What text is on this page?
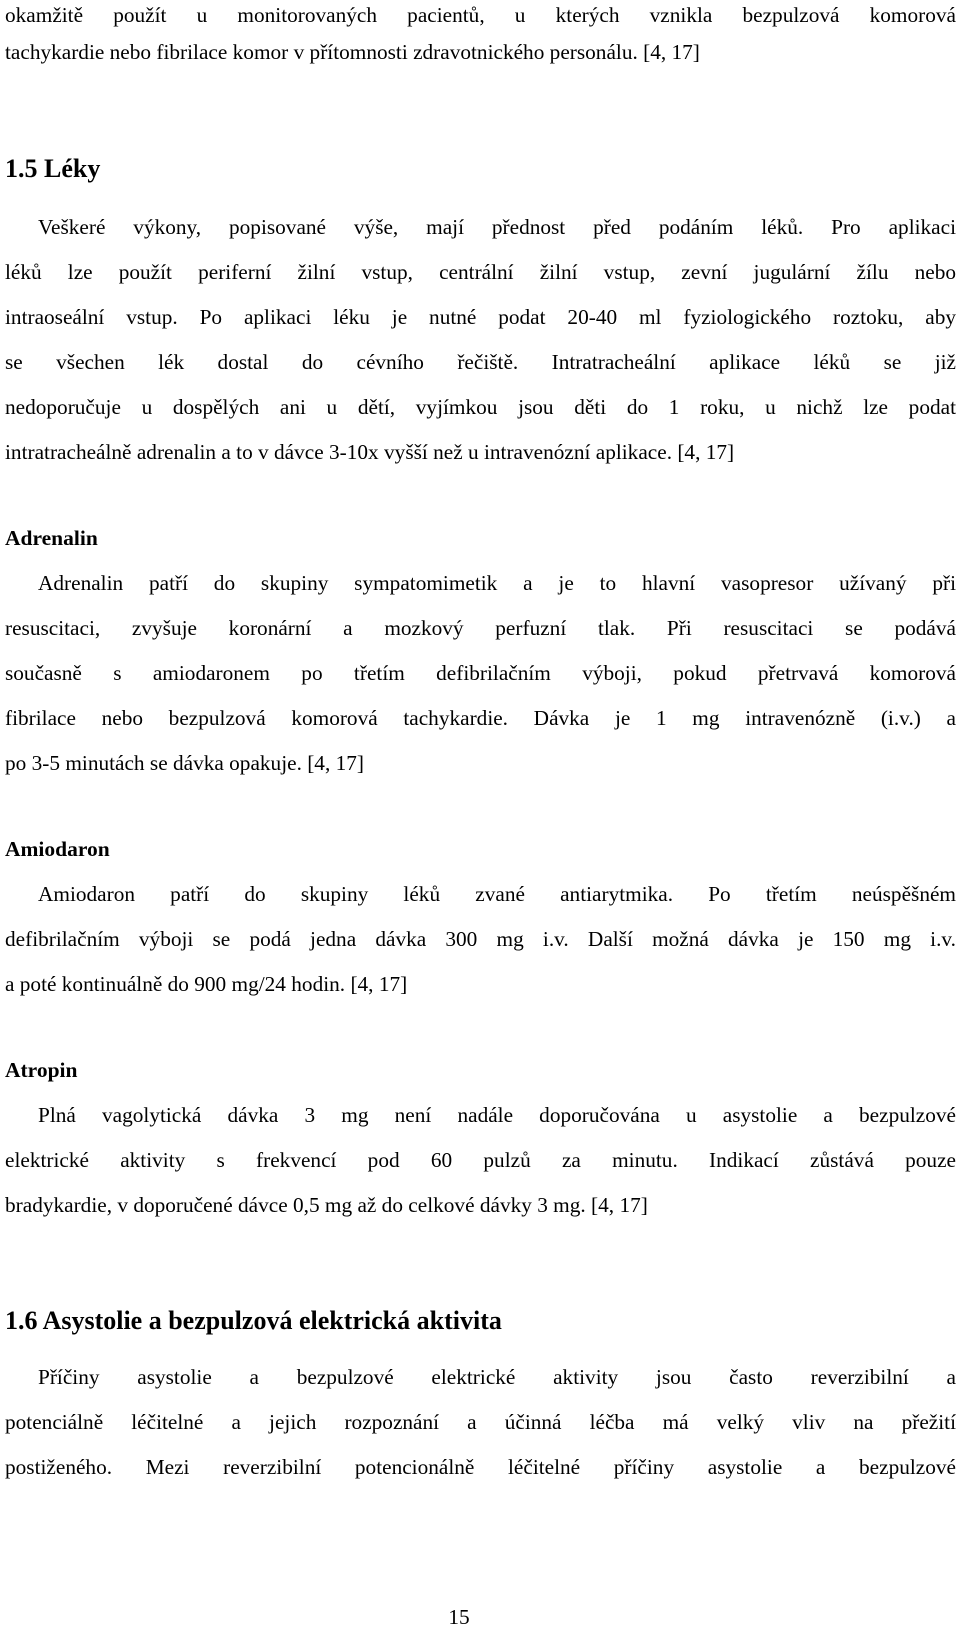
okamžitě použít u monitorovaných pacientů, u kterých vznikla bezpulzová komorová
tachykardie nebo fibrilace komor v přítomnosti zdravotnického personálu. [4, 17]
1.5 Léky
Veškeré výkony, popisované výše, mají přednost před podáním léků. Pro aplikaci
léků lze použít periferní žilní vstup, centrální žilní vstup, zevní jugulární žílu nebo
intraoseální vstup. Po aplikaci léku je nutné podat 20-40 ml fyziologického roztoku, aby
se všechen lék dostal do cévního řečiště. Intratracheální aplikace léků se již
nedoporučuje u dospělých ani u dětí, vyjímkou jsou děti do 1 roku, u nichž lze podat
intratracheálně adrenalin a to v dávce 3-10x vyšší než u intravenózní aplikace. [4, 17]
Adrenalin
Adrenalin patří do skupiny sympatomimetik a je to hlavní vasopresor užívaný při
resuscitaci, zvyšuje koronární a mozkový perfuzní tlak. Při resuscitaci se podává
současně s amiodaronem po třetím defibrilačním výboji, pokud přetrvavá komorová
fibrilace nebo bezpulzová komorová tachykardie. Dávka je 1 mg intravenózně (i.v.) a
po 3-5 minutách se dávka opakuje. [4, 17]
Amiodaron
Amiodaron patří do skupiny léků zvané antiarytmika. Po třetím neúspěšném
defibrilačním výboji se podá jedna dávka 300 mg i.v. Další možná dávka je 150 mg i.v.
a poté kontinuálně do 900 mg/24 hodin. [4, 17]
Atropin
Plná vagolytická dávka 3 mg není nadále doporučována u asystolie a bezpulzové
elektrické aktivity s frekvencí pod 60 pulzů za minutu. Indikací zůstává pouze
bradykardie, v doporučené dávce 0,5 mg až do celkové dávky 3 mg. [4, 17]
1.6 Asystolie a bezpulzová elektrická aktivita
Příčiny asystolie a bezpulzové elektrické aktivity jsou často reverzibilní a
potenciálně léčitelné a jejich rozpoznání a účinná léčba má velký vliv na přežití
postiženého. Mezi reverzibilní potencionálně léčitelné příčiny asystolie a bezpulzové
15
